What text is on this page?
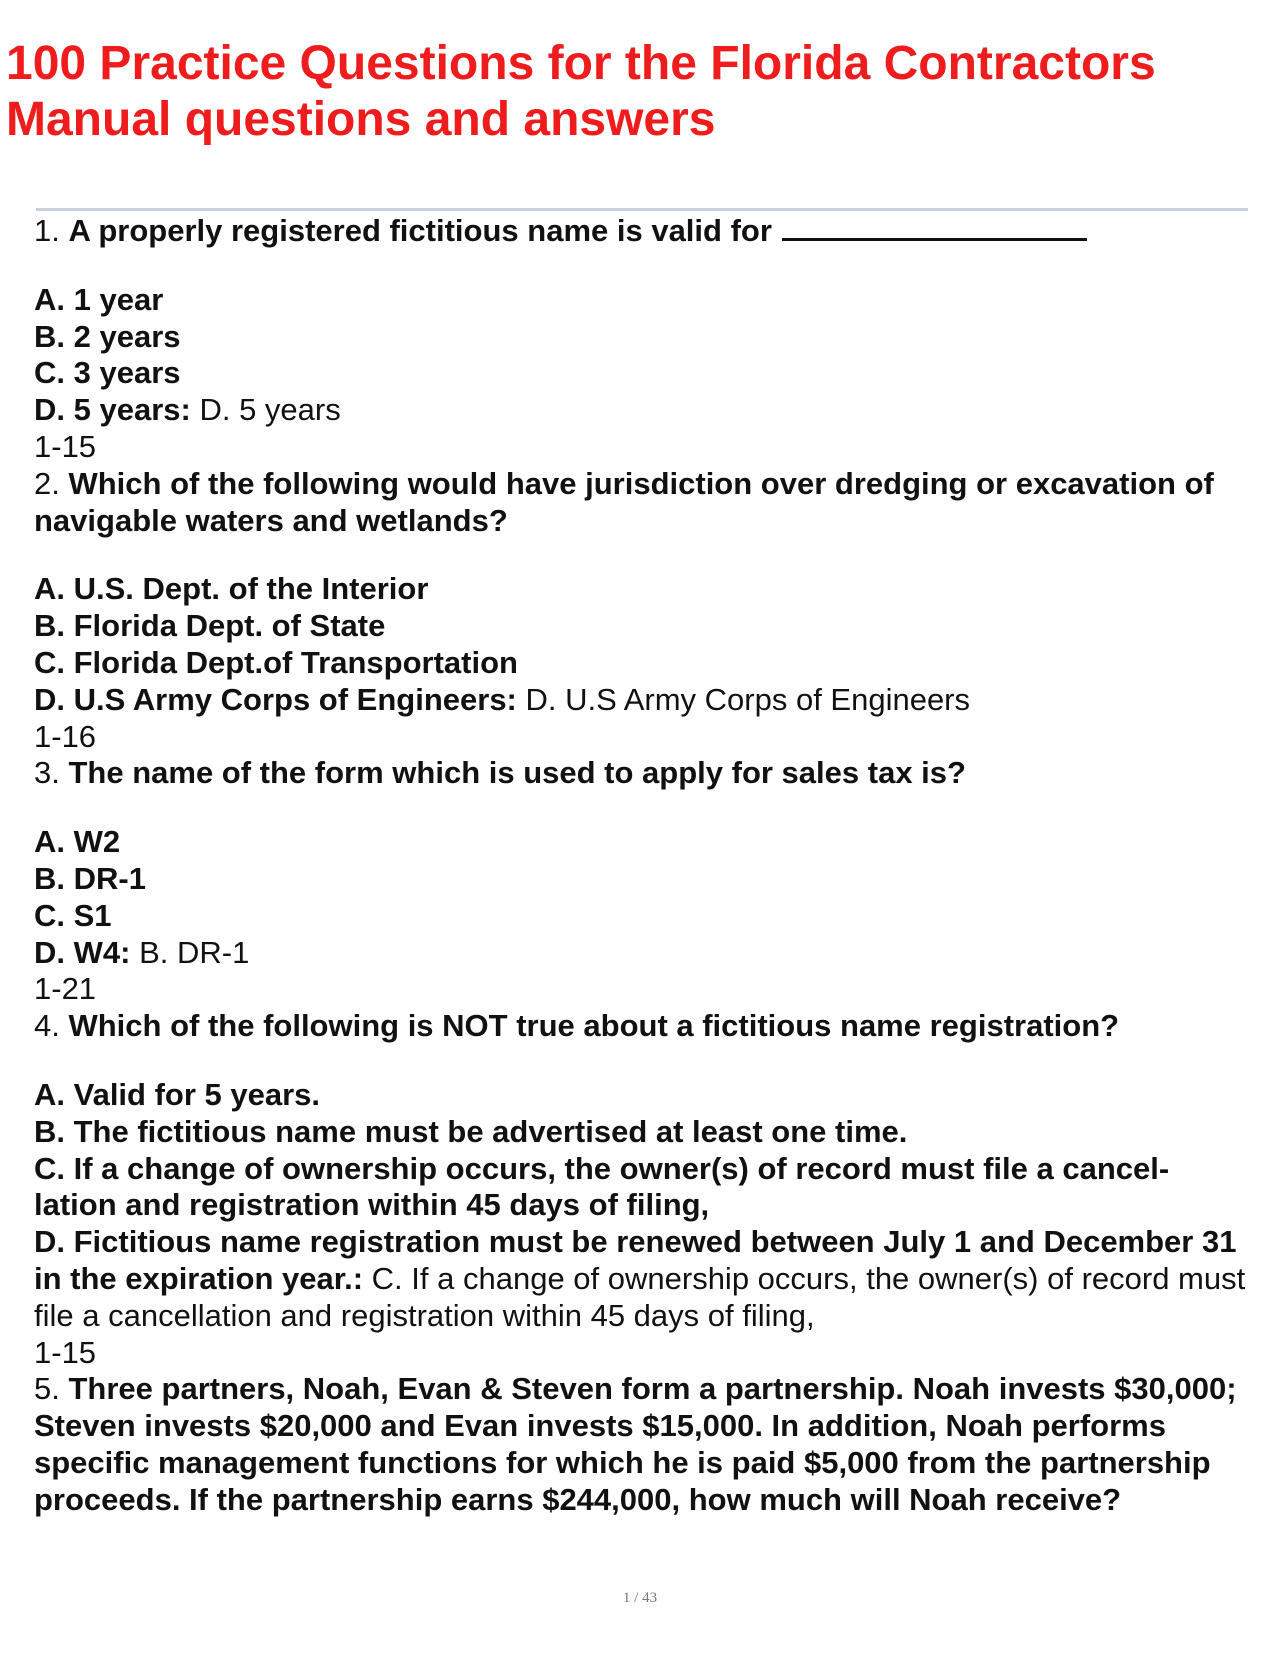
100 Practice Questions for the Florida Contractors Manual questions and answers

1. A properly registered fictitious name is valid for

A. 1 year

B. 2 years

C. 3 years

D. 5 years: D. 5 years

1-15

2. Which of the following would have jurisdiction over dredging or excavation of navigable waters and wetlands?

A. U.S. Dept. of the Interior

B. Florida Dept. of State

C. Florida Dept.of Transportation

D. U.S Army Corps of Engineers: D. U.S Army Corps of Engineers

1-16

3. The name of the form which is used to apply for sales tax is?

A. W2

B. DR-1

C. S1

D. W4: B. DR-1

1-21

4. Which of the following is NOT true about a fictitious name registration?

A. Valid for 5 years.

B. The fictitious name must be advertised at least one time.

C. If a change of ownership occurs, the owner(s) of record must file a cancel- lation and registration within 45 days of filing,

D. Fictitious name registration must be renewed between July 1 and December 31 in the expiration year.: C. If a change of ownership occurs, the owner(s) of record must file a cancellation and registration within 45 days of filing,

1-15

5. Three partners, Noah, Evan & Steven form a partnership. Noah invests $30,000; Steven invests $20,000 and Evan invests $15,000. In addition, Noah performs specific management functions for which he is paid $5,000 from the partnership proceeds. If the partnership earns $244,000, how much will Noah receive?

1 / 43
